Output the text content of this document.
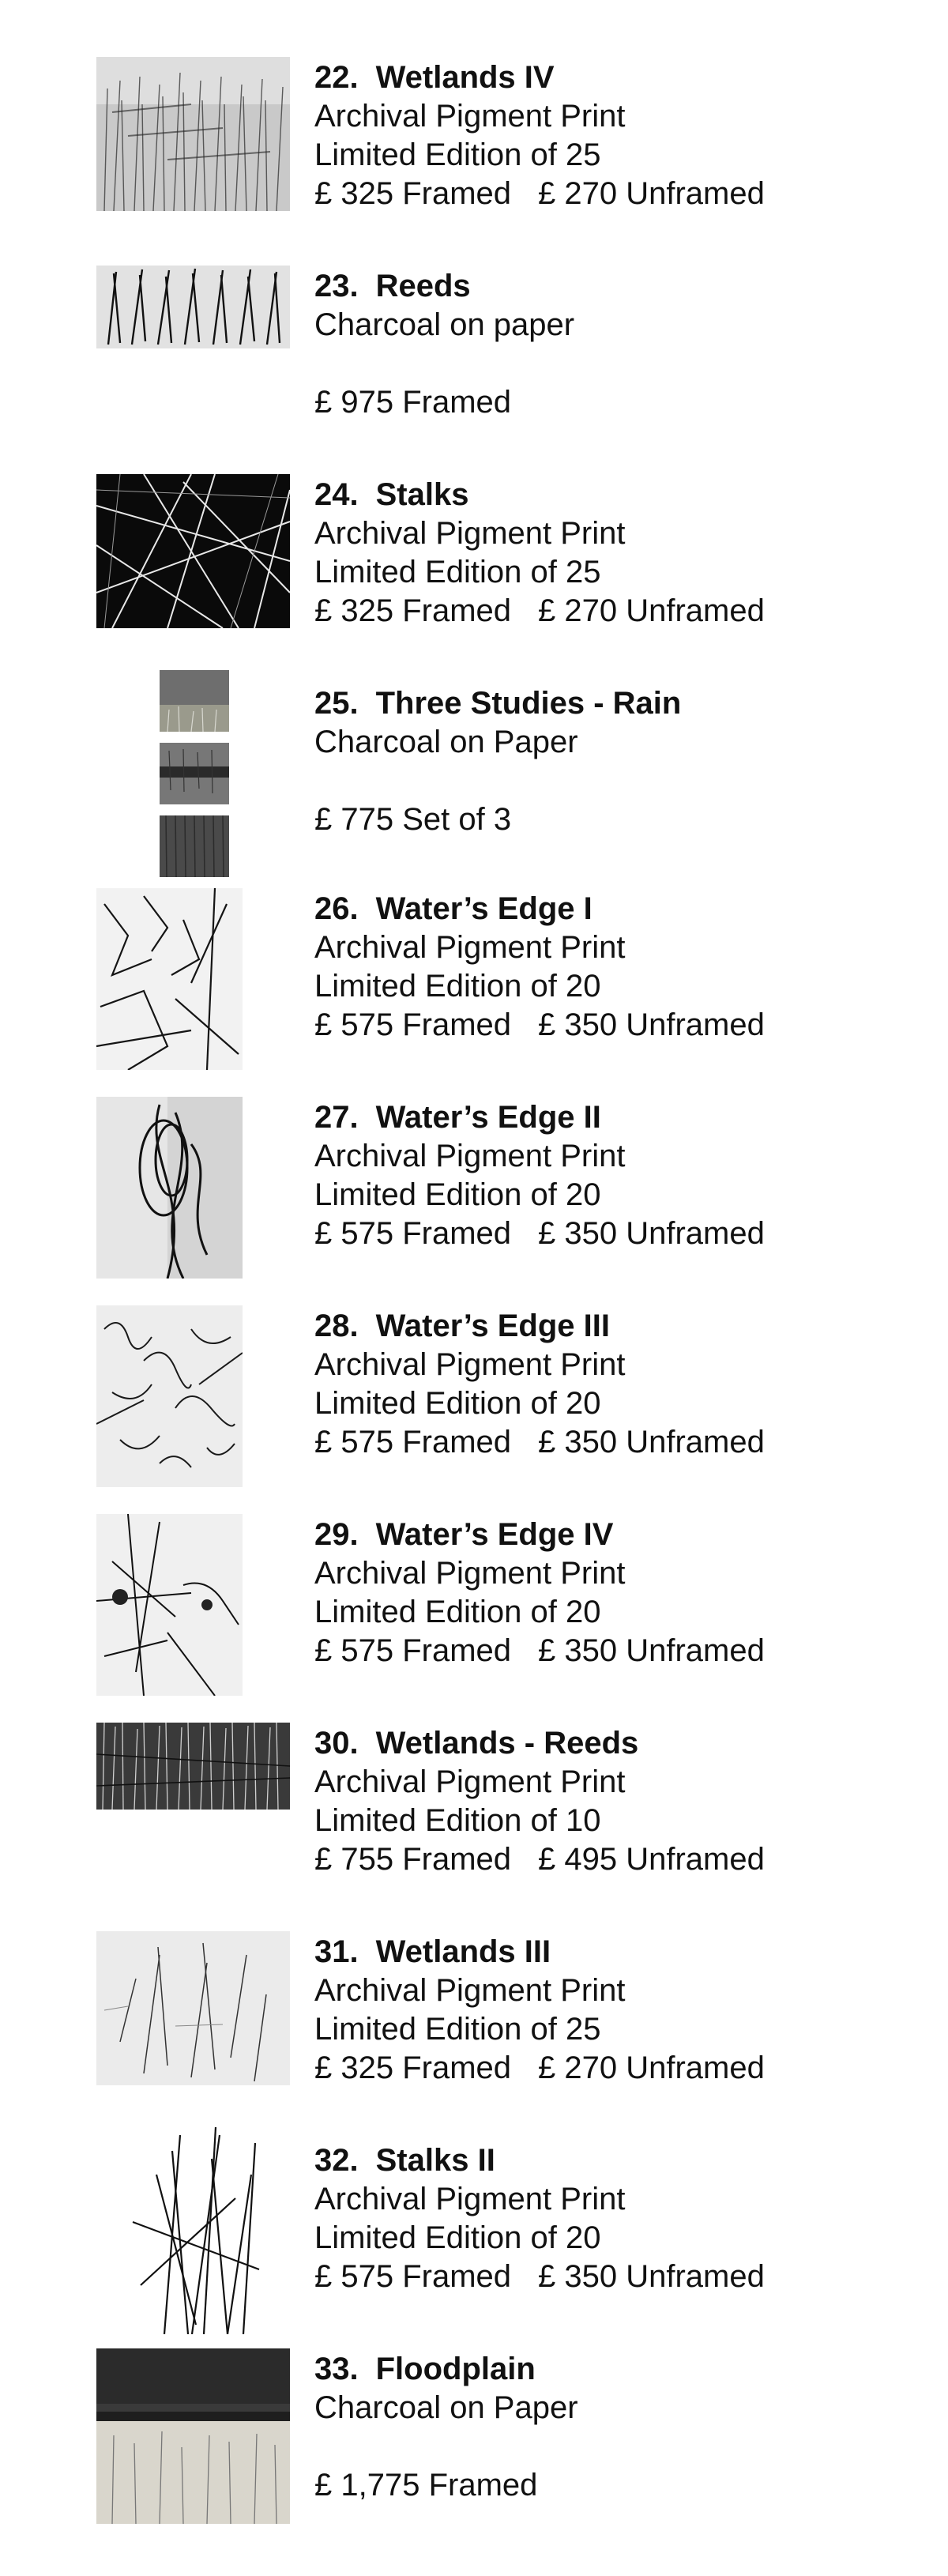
22. Wetlands IV
Archival Pigment Print
Limited Edition of 25
£ 325 Framed £ 270 Unframed
23. Reeds
Charcoal on paper
£ 975 Framed
24. Stalks
Archival Pigment Print
Limited Edition of 25
£ 325 Framed £ 270 Unframed
25. Three Studies - Rain
Charcoal on Paper
£ 775 Set of 3
26. Water’s Edge I
Archival Pigment Print
Limited Edition of 20
£ 575 Framed £ 350 Unframed
27. Water’s Edge II
Archival Pigment Print
Limited Edition of 20
£ 575 Framed £ 350 Unframed
28. Water’s Edge III
Archival Pigment Print
Limited Edition of 20
£ 575 Framed £ 350 Unframed
29. Water’s Edge IV
Archival Pigment Print
Limited Edition of 20
£ 575 Framed £ 350 Unframed
30. Wetlands - Reeds
Archival Pigment Print
Limited Edition of 10
£ 755 Framed £ 495 Unframed
31. Wetlands III
Archival Pigment Print
Limited Edition of 25
£ 325 Framed £ 270 Unframed
32. Stalks II
Archival Pigment Print
Limited Edition of 20
£ 575 Framed £ 350 Unframed
33. Floodplain
Charcoal on Paper
£ 1,775 Framed
